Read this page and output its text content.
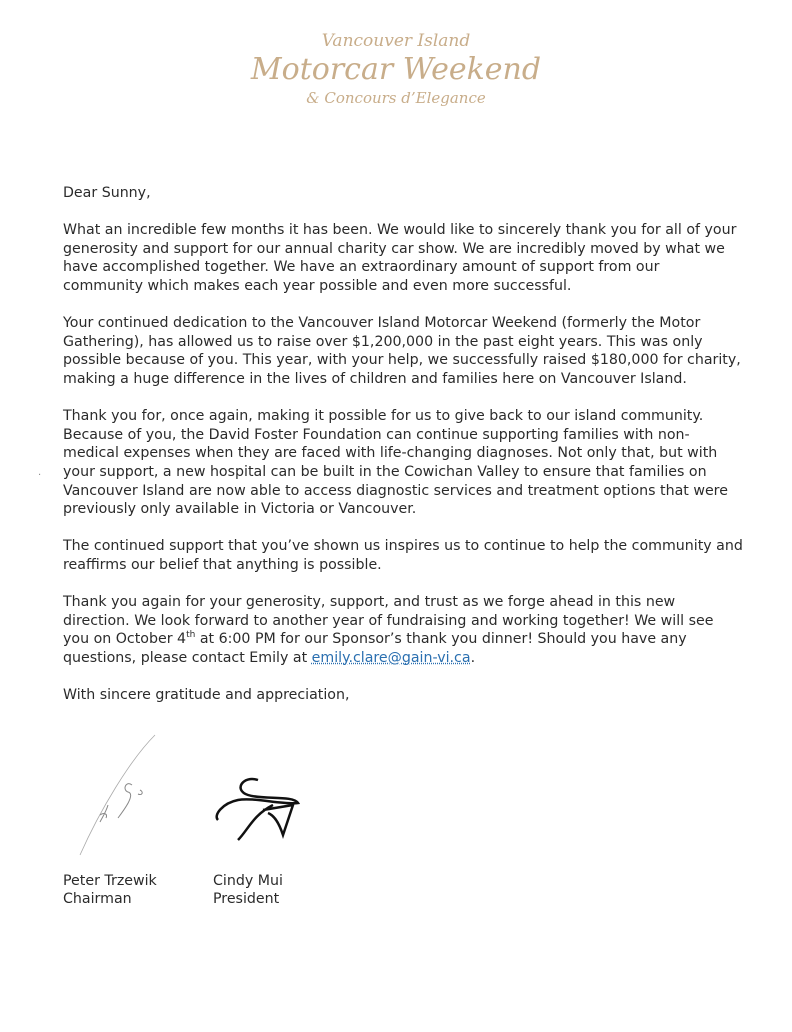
Vancouver Island
Motorcar Weekend
& Concours d’Elegance
·

Dear Sunny,

What an incredible few months it has been. We would like to sincerely thank you for all of your generosity and support for our annual charity car show. We are incredibly moved by what we have accomplished together. We have an extraordinary amount of support from our community which makes each year possible and even more successful.

Your continued dedication to the Vancouver Island Motorcar Weekend (formerly the Motor Gathering), has allowed us to raise over $1,200,000 in the past eight years. This was only possible because of you. This year, with your help, we successfully raised $180,000 for charity, making a huge difference in the lives of children and families here on Vancouver Island.

Thank you for, once again, making it possible for us to give back to our island community. Because of you, the David Foster Foundation can continue supporting families with non-medical expenses when they are faced with life-changing diagnoses. Not only that, but with your support, a new hospital can be built in the Cowichan Valley to ensure that families on Vancouver Island are now able to access diagnostic services and treatment options that were previously only available in Victoria or Vancouver.

The continued support that you’ve shown us inspires us to continue to help the community and reaffirms our belief that anything is possible.

Thank you again for your generosity, support, and trust as we forge ahead in this new direction. We look forward to another year of fundraising and working together! We will see you on October 4th at 6:00 PM for our Sponsor’s thank you dinner! Should you have any questions, please contact Emily at emily.clare@gain-vi.ca.

With sincere gratitude and appreciation,

Peter Trzewik
Chairman
Cindy Mui
President
